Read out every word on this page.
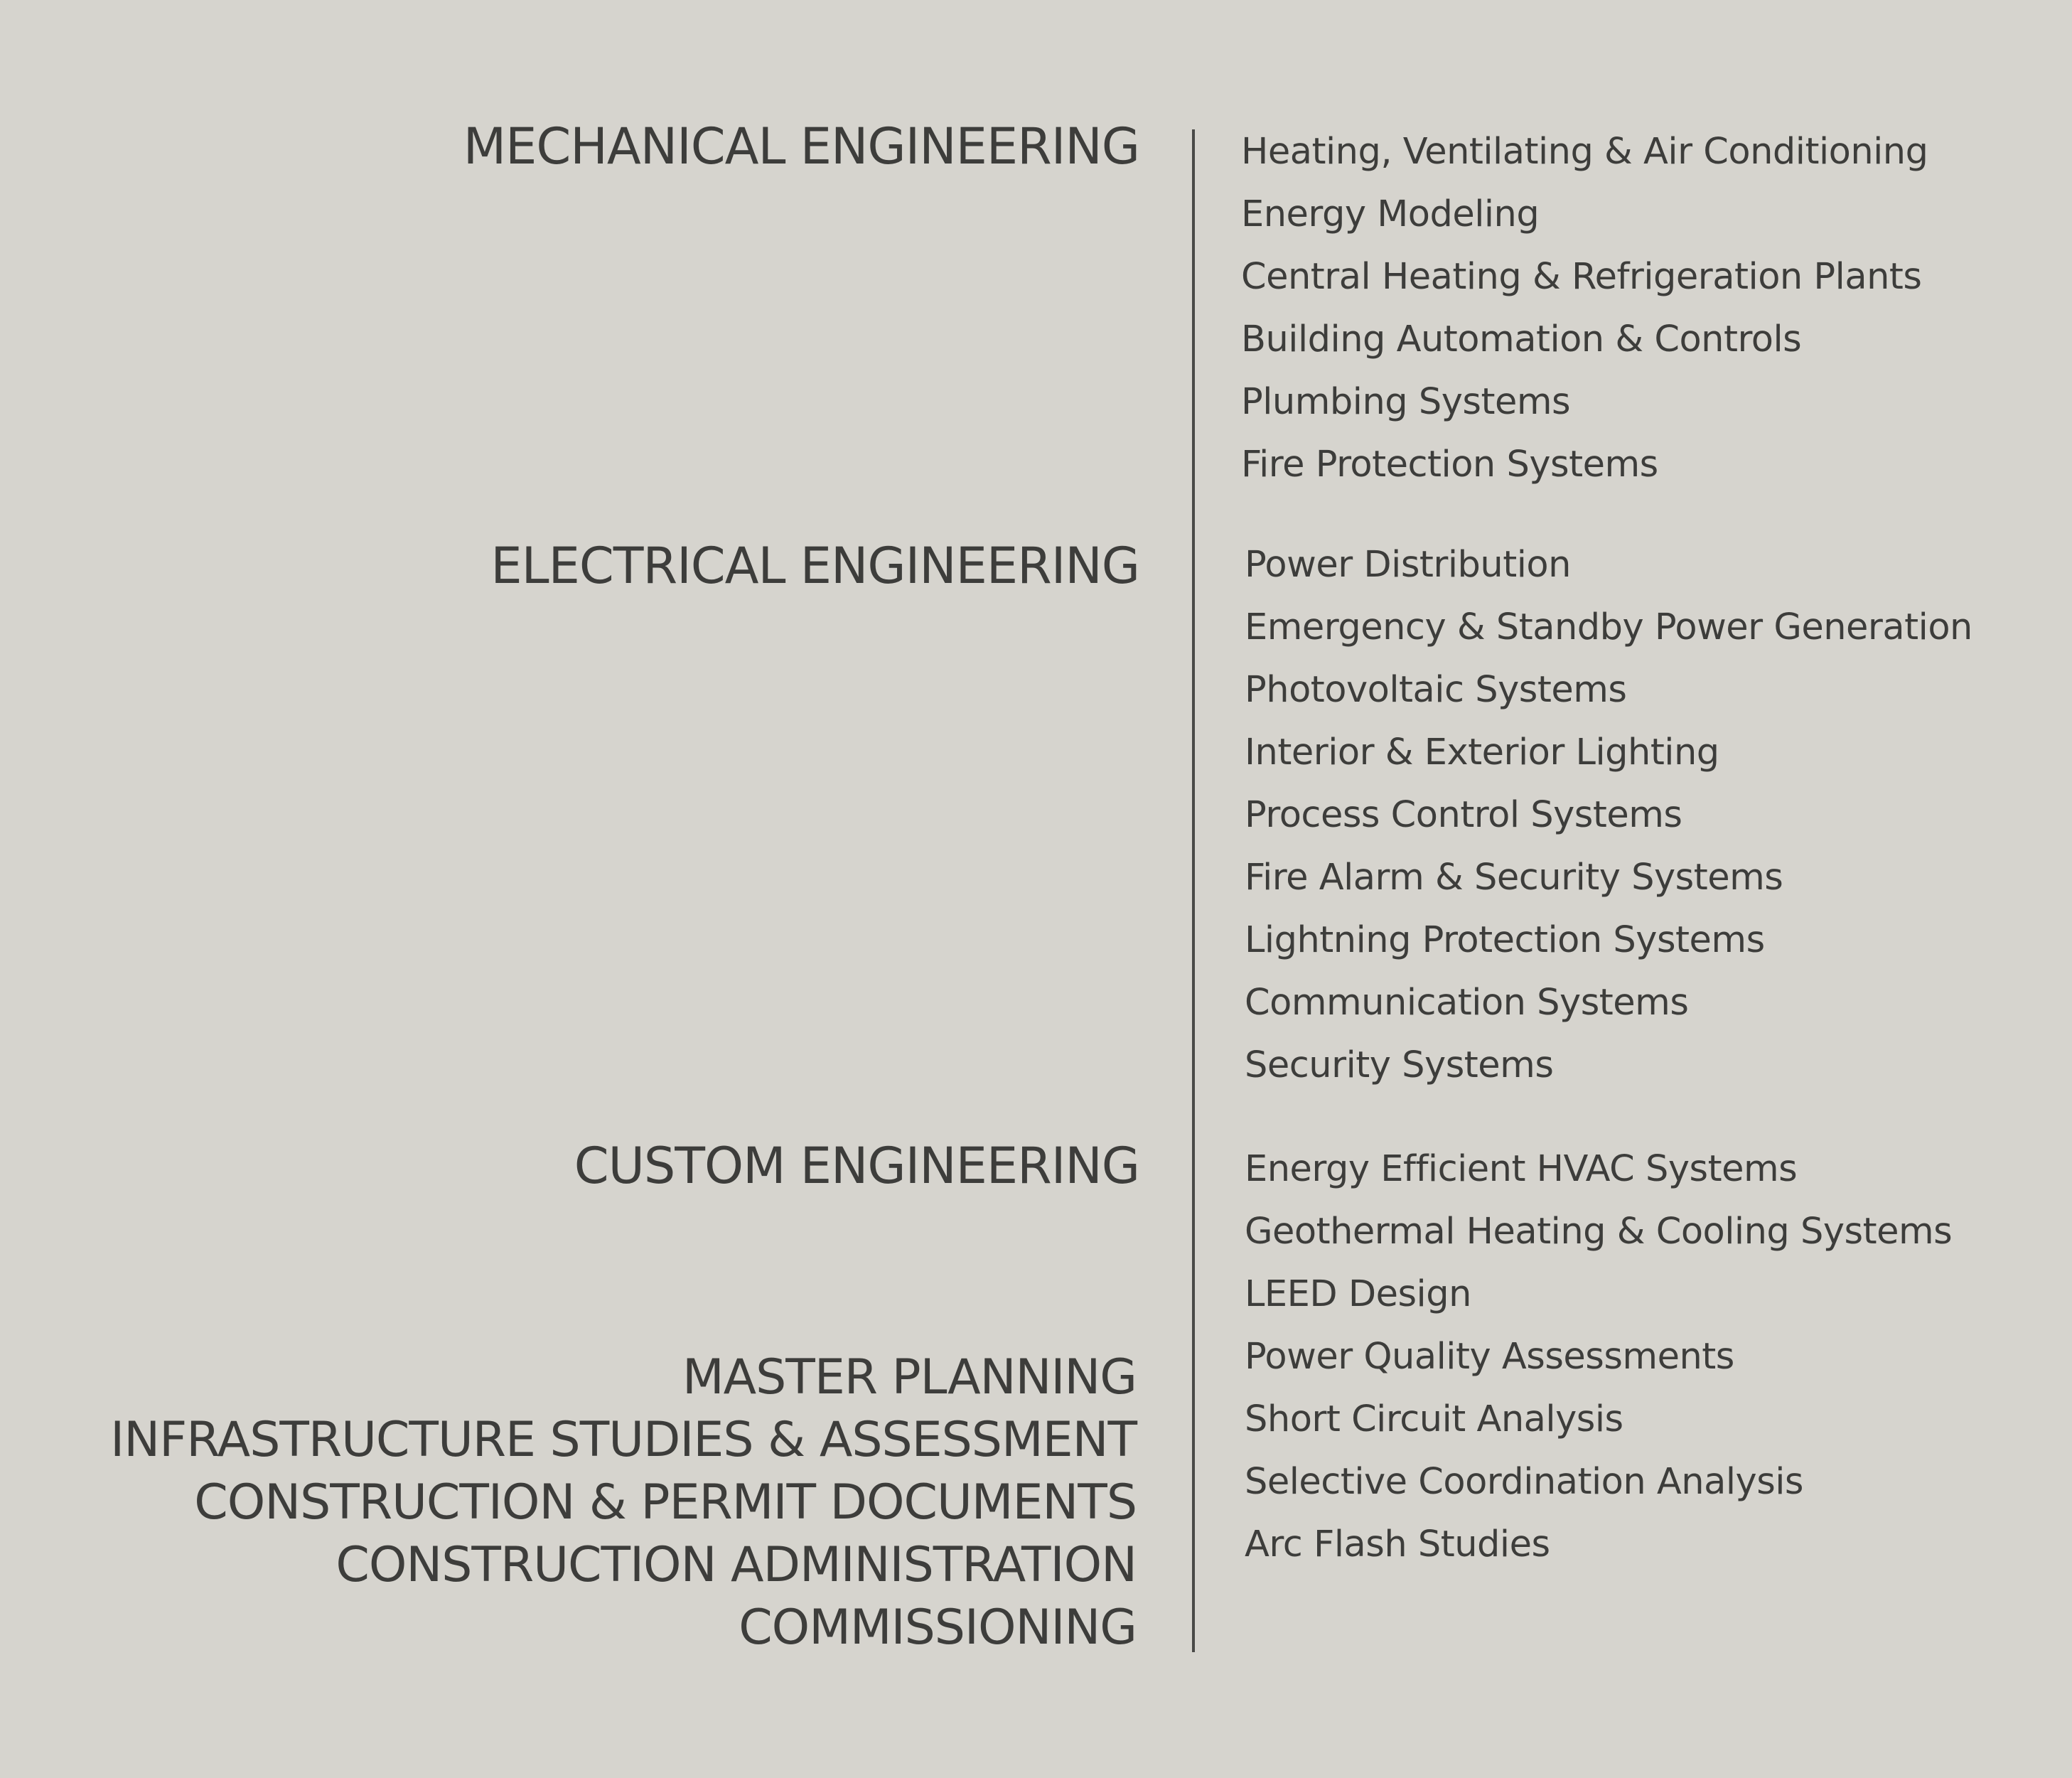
MECHANICAL ENGINEERING
ELECTRICAL ENGINEERING
CUSTOM ENGINEERING
Heating, Ventilating & Air Conditioning
Energy Modeling
Central Heating & Refrigeration Plants
Building Automation & Controls
Plumbing Systems
Fire Protection Systems
Power Distribution
Emergency & Standby Power Generation
Photovoltaic Systems
Interior & Exterior Lighting
Process Control Systems
Fire Alarm & Security Systems
Lightning Protection Systems
Communication Systems
Security Systems
Energy Efficient HVAC Systems
Geothermal Heating & Cooling Systems
LEED Design
Power Quality Assessments
Short Circuit Analysis
Selective Coordination Analysis
Arc Flash Studies
MASTER PLANNING
INFRASTRUCTURE STUDIES & ASSESSMENT
CONSTRUCTION & PERMIT DOCUMENTS
CONSTRUCTION ADMINISTRATION
COMMISSIONING
